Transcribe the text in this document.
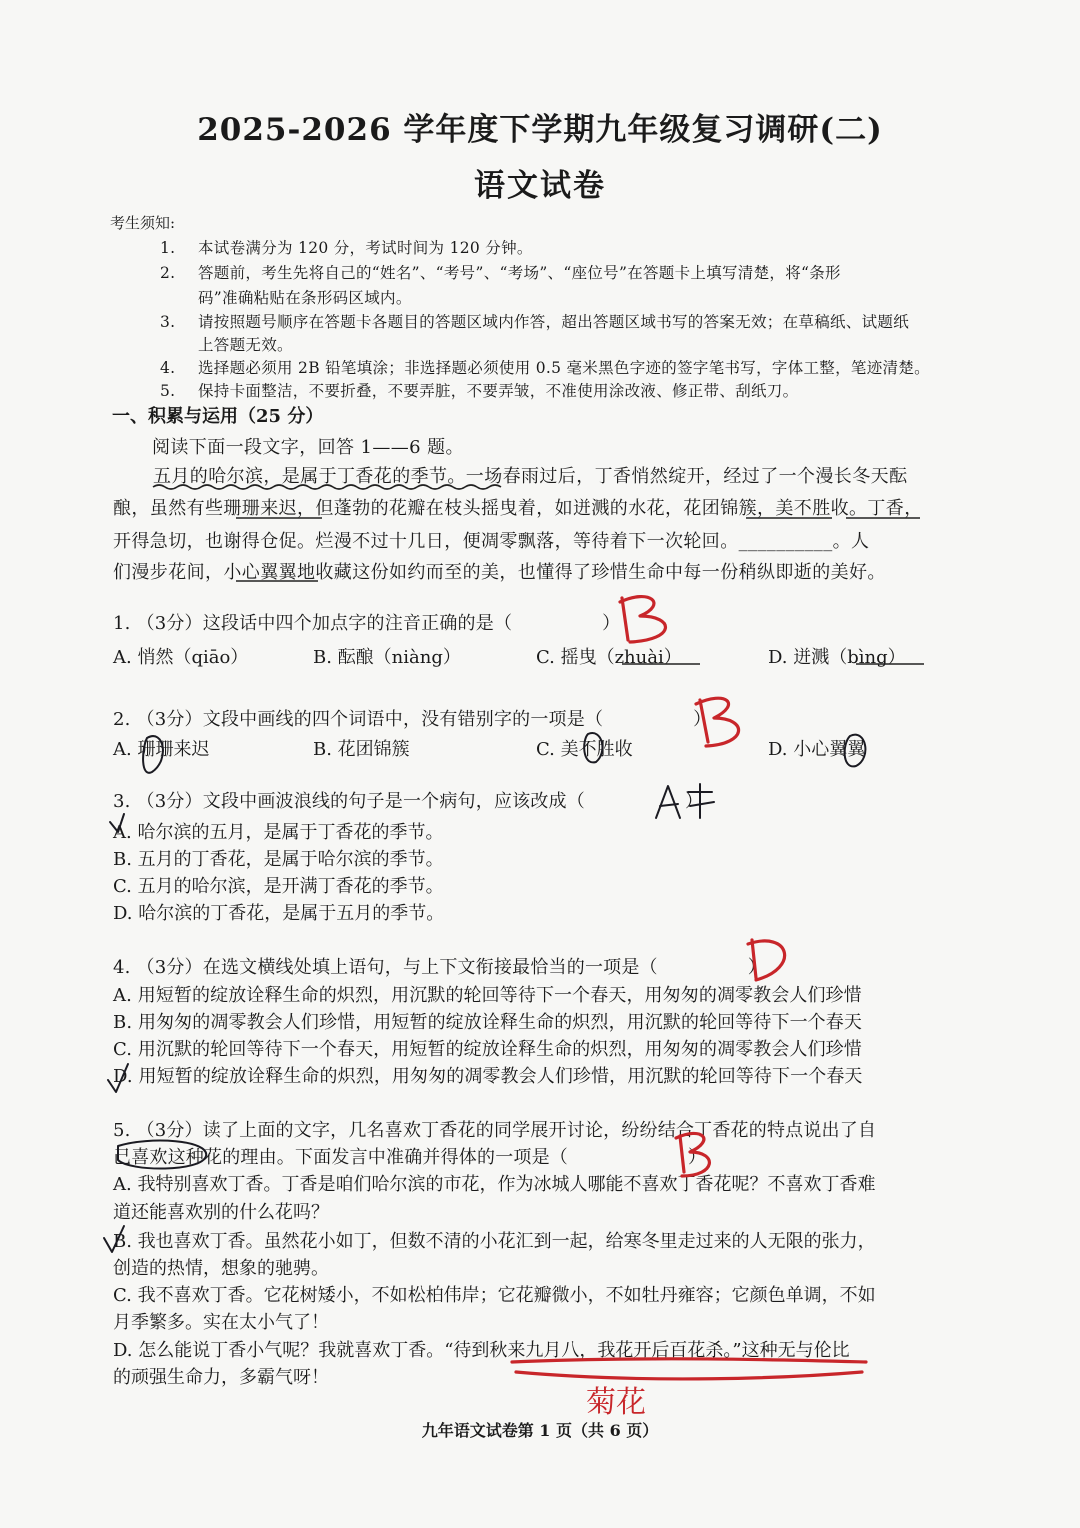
2025-2026 学年度下学期九年级复习调研(二)
语文试卷
考生须知:
1. 本试卷满分为 120 分，考试时间为 120 分钟。
2. 答题前，考生先将自己的“姓名”、“考号”、“考场”、“座位号”在答题卡上填写清楚，将“条形
码”准确粘贴在条形码区域内。
3. 请按照题号顺序在答题卡各题目的答题区域内作答，超出答题区域书写的答案无效；在草稿纸、试题纸
上答题无效。
4. 选择题必须用 2B 铅笔填涂；非选择题必须使用 0.5 毫米黑色字迹的签字笔书写，字体工整，笔迹清楚。
5. 保持卡面整洁，不要折叠，不要弄脏，不要弄皱，不准使用涂改液、修正带、刮纸刀。
一、积累与运用（25 分）
阅读下面一段文字，回答 1——6 题。
五月的哈尔滨，是属于丁香花的季节。一场春雨过后，丁香悄然绽开，经过了一个漫长冬天酝
酿，虽然有些珊珊来迟，但蓬勃的花瓣在枝头摇曳着，如迸溅的水花，花团锦簇，美不胜收。丁香，
开得急切，也谢得仓促。烂漫不过十几日，便凋零飘落，等待着下一次轮回。__________。人
们漫步花间，小心翼翼地收藏这份如约而至的美，也懂得了珍惜生命中每一份稍纵即逝的美好。
1. （3分）这段话中四个加点字的注音正确的是（	）
A. 悄然（qiāo）	B. 酝酿（niàng）	C. 摇曳（zhuài）	D. 迸溅（bìng）
2. （3分）文段中画线的四个词语中，没有错别字的一项是（	）
A. 珊珊来迟	B. 花团锦簇	C. 美不胜收	D. 小心翼翼
3. （3分）文段中画波浪线的句子是一个病句，应该改成（	）
A. 哈尔滨的五月，是属于丁香花的季节。
B. 五月的丁香花，是属于哈尔滨的季节。
C. 五月的哈尔滨，是开满丁香花的季节。
D. 哈尔滨的丁香花，是属于五月的季节。
4. （3分）在选文横线处填上语句，与上下文衔接最恰当的一项是（	）
A. 用短暂的绽放诠释生命的炽烈，用沉默的轮回等待下一个春天，用匆匆的凋零教会人们珍惜
B. 用匆匆的凋零教会人们珍惜，用短暂的绽放诠释生命的炽烈，用沉默的轮回等待下一个春天
C. 用沉默的轮回等待下一个春天，用短暂的绽放诠释生命的炽烈，用匆匆的凋零教会人们珍惜
D. 用短暂的绽放诠释生命的炽烈，用匆匆的凋零教会人们珍惜，用沉默的轮回等待下一个春天
5. （3分）读了上面的文字，几名喜欢丁香花的同学展开讨论，纷纷结合丁香花的特点说出了自
己喜欢这种花的理由。下面发言中准确并得体的一项是（	）
A. 我特别喜欢丁香。丁香是咱们哈尔滨的市花，作为冰城人哪能不喜欢丁香花呢？不喜欢丁香难
道还能喜欢别的什么花吗？
B. 我也喜欢丁香。虽然花小如丁，但数不清的小花汇到一起，给寒冬里走过来的人无限的张力，
创造的热情，想象的驰骋。
C. 我不喜欢丁香。它花树矮小，不如松柏伟岸；它花瓣微小，不如牡丹雍容；它颜色单调，不如
月季繁多。实在太小气了！
D. 怎么能说丁香小气呢？我就喜欢丁香。“待到秋来九月八，我花开后百花杀。”这种无与伦比
的顽强生命力，多霸气呀！
九年语文试卷第 1 页（共 6 页）
菊花
